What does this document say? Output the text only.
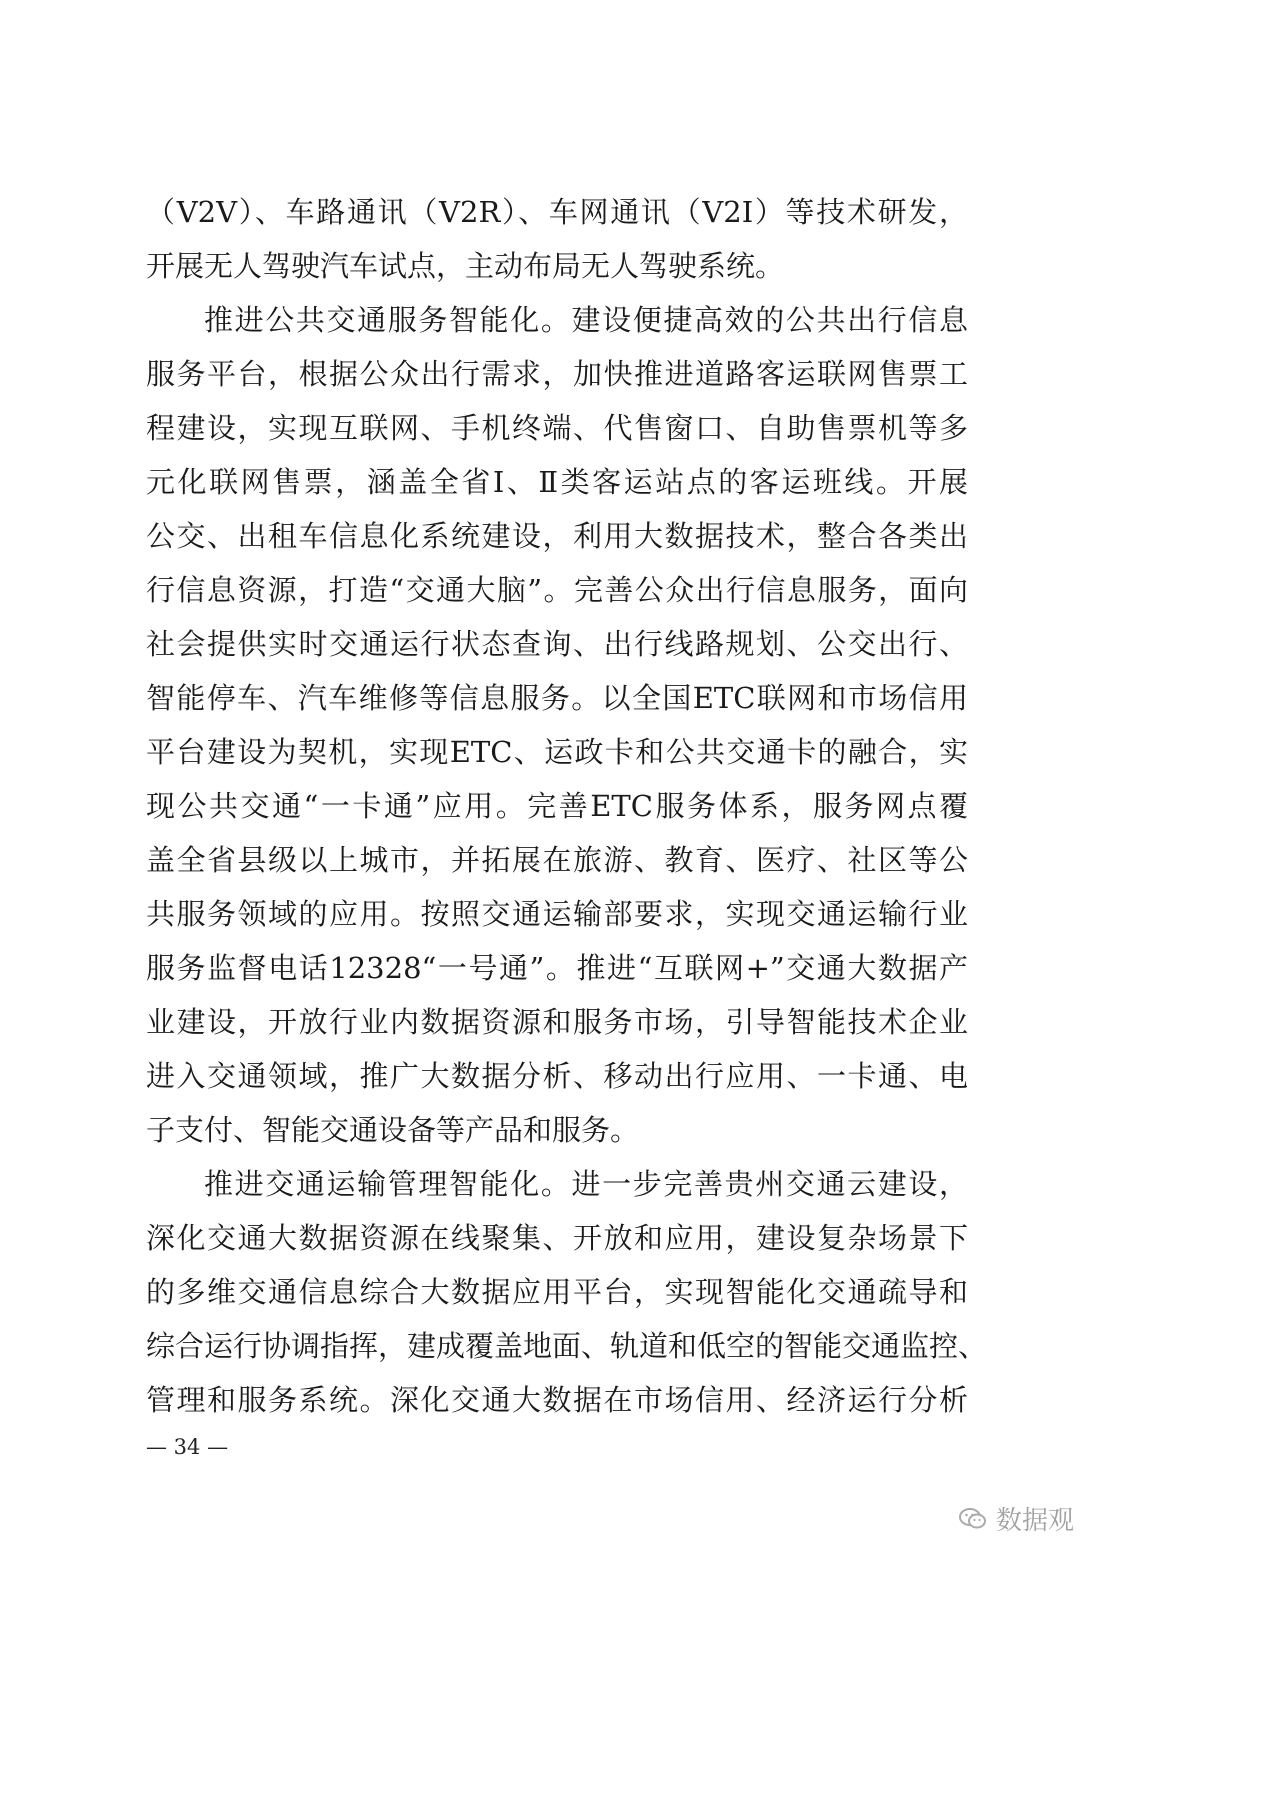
（V2V）、车路通讯（V2R）、车网通讯（V2I）等技术研发，
开展无人驾驶汽车试点，主动布局无人驾驶系统。
推进公共交通服务智能化。建设便捷高效的公共出行信息
服务平台，根据公众出行需求，加快推进道路客运联网售票工
程建设，实现互联网、手机终端、代售窗口、自助售票机等多
元化联网售票，涵盖全省Ⅰ、Ⅱ类客运站点的客运班线。开展
公交、出租车信息化系统建设，利用大数据技术，整合各类出
行信息资源，打造“交通大脑”。完善公众出行信息服务，面向
社会提供实时交通运行状态查询、出行线路规划、公交出行、
智能停车、汽车维修等信息服务。以全国ETC联网和市场信用
平台建设为契机，实现ETC、运政卡和公共交通卡的融合，实
现公共交通“一卡通”应用。完善ETC服务体系，服务网点覆
盖全省县级以上城市，并拓展在旅游、教育、医疗、社区等公
共服务领域的应用。按照交通运输部要求，实现交通运输行业
服务监督电话12328“一号通”。推进“互联网+”交通大数据产
业建设，开放行业内数据资源和服务市场，引导智能技术企业
进入交通领域，推广大数据分析、移动出行应用、一卡通、电
子支付、智能交通设备等产品和服务。
推进交通运输管理智能化。进一步完善贵州交通云建设，
深化交通大数据资源在线聚集、开放和应用，建设复杂场景下
的多维交通信息综合大数据应用平台，实现智能化交通疏导和
综合运行协调指挥，建成覆盖地面、轨道和低空的智能交通监控、
管理和服务系统。深化交通大数据在市场信用、经济运行分析
— 34 —
数据观
